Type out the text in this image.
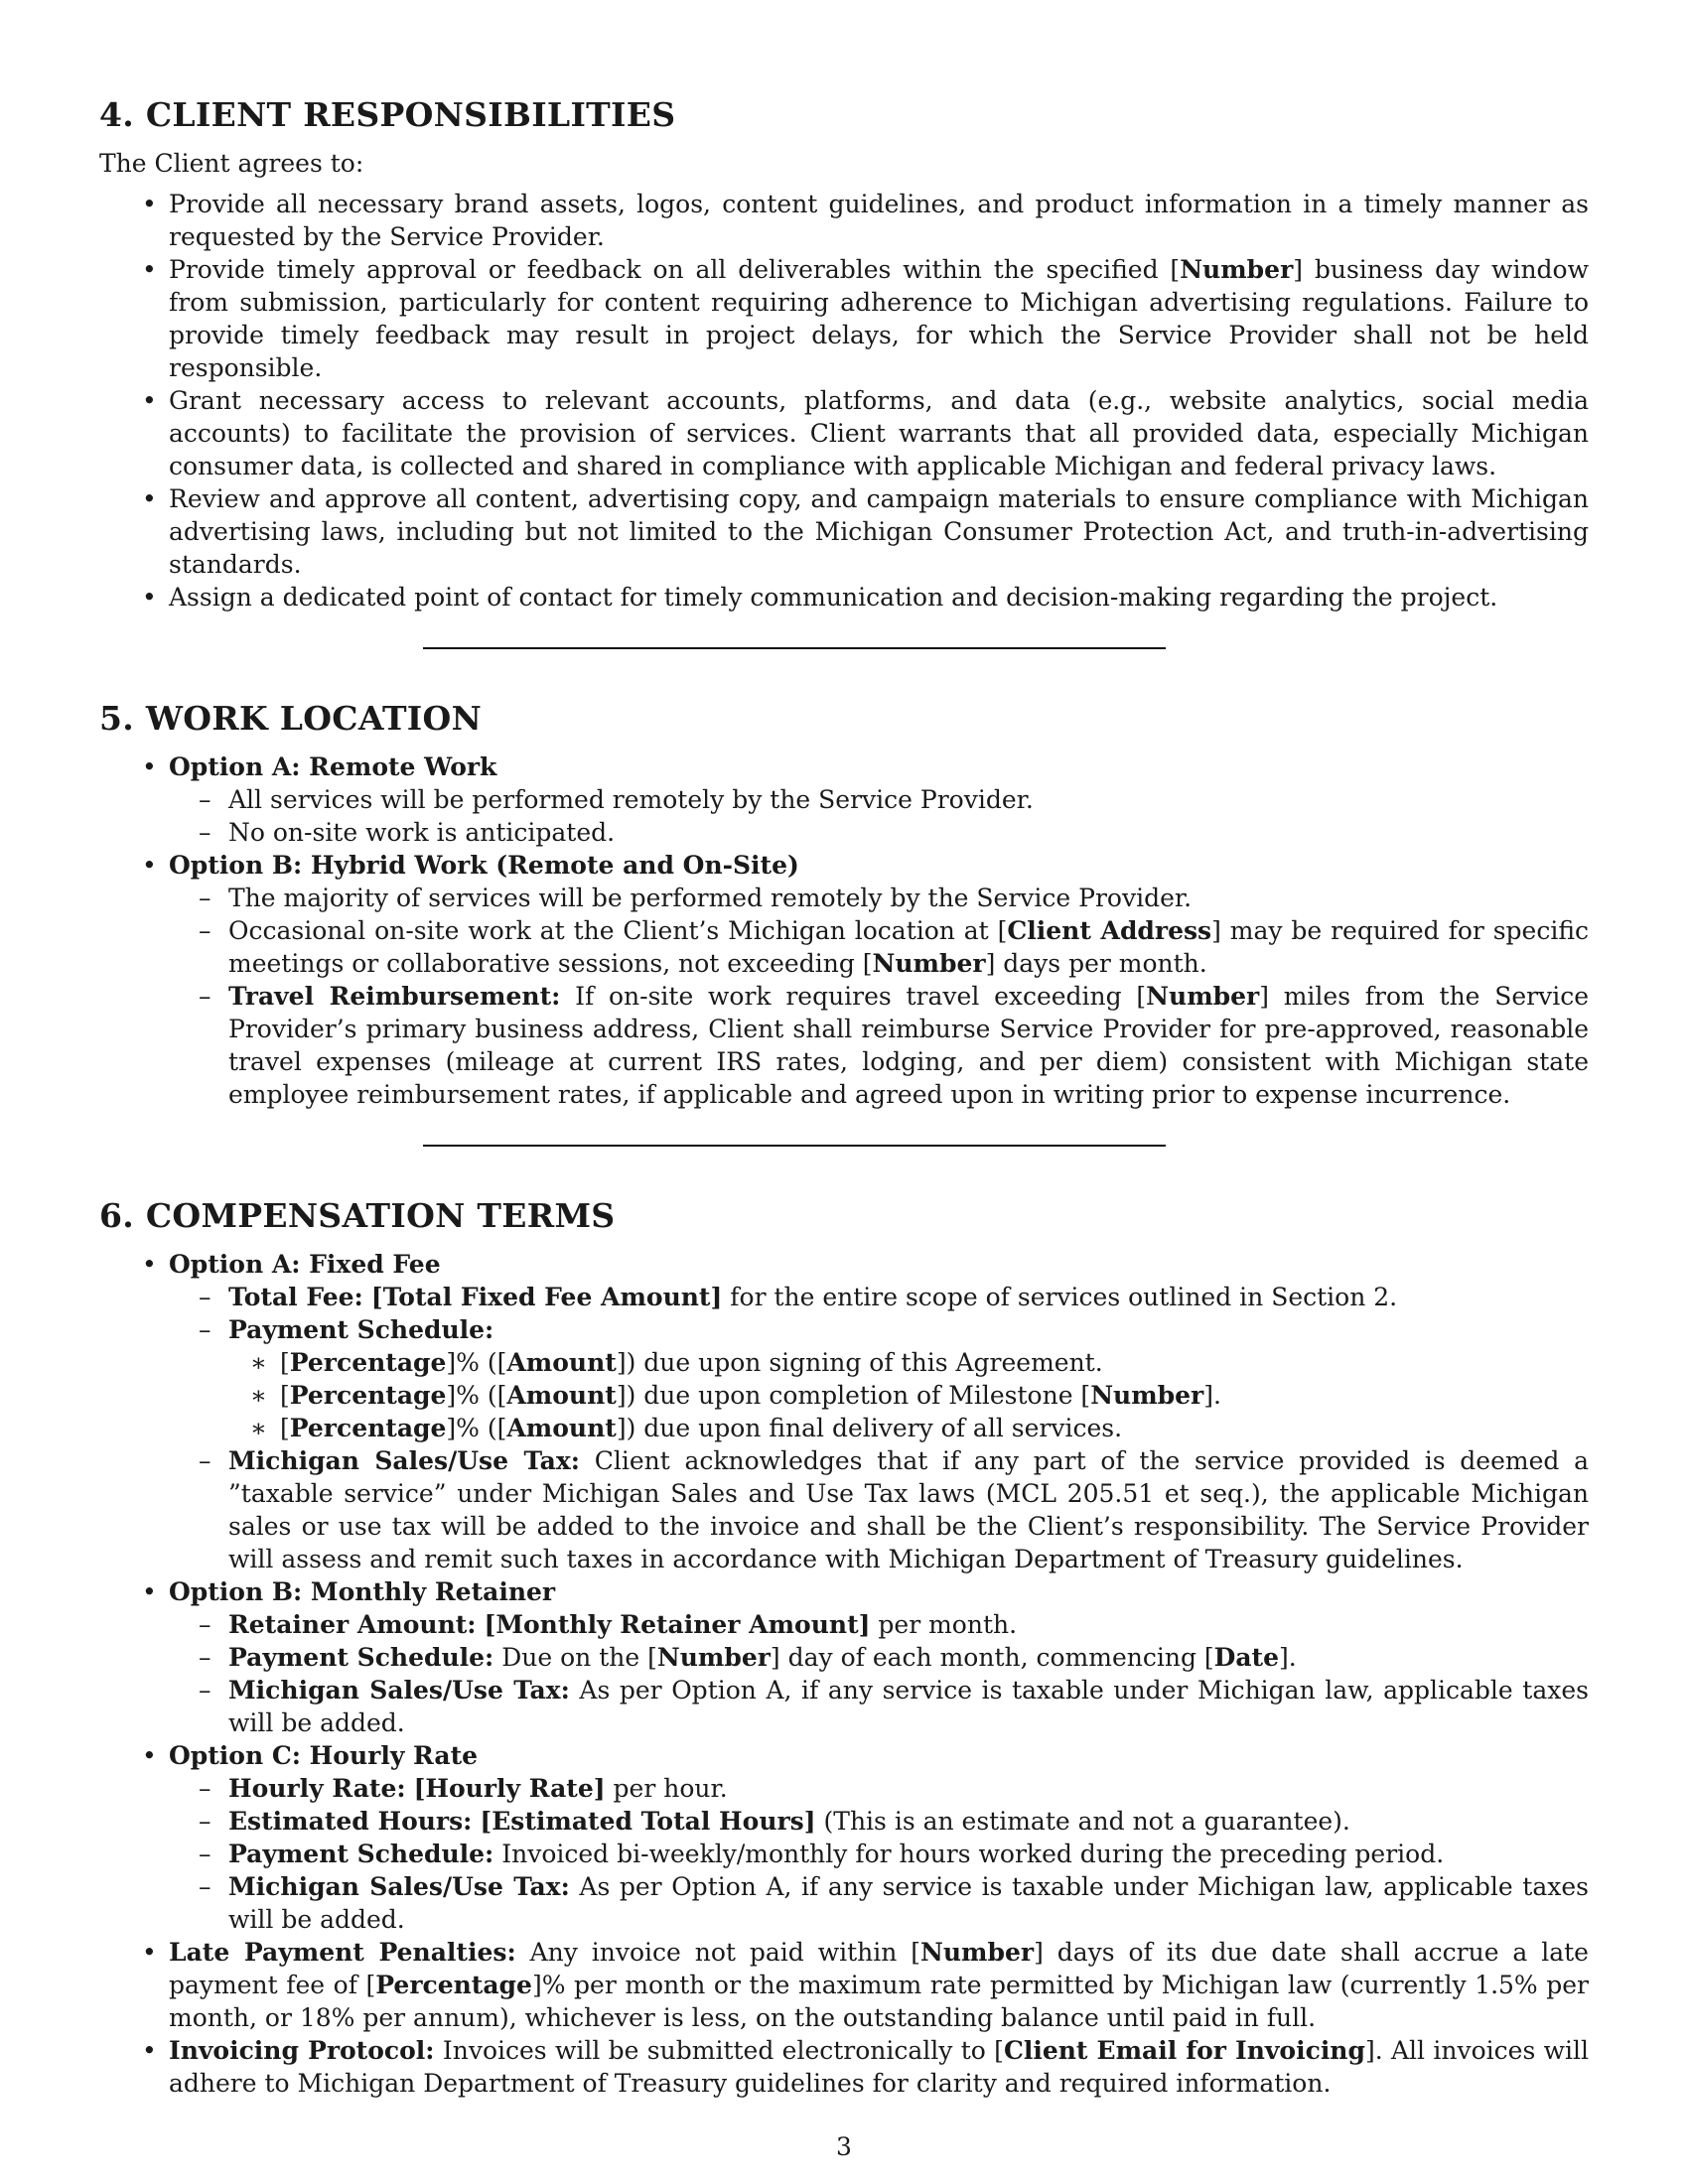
4. CLIENT RESPONSIBILITIES

The Client agrees to:

• Provide all necessary brand assets, logos, content guidelines, and product information in a timely manner as requested by the Service Provider.
• Provide timely approval or feedback on all deliverables within the specified [Number] business day window from submission, particularly for content requiring adherence to Michigan advertising regulations. Failure to provide timely feedback may result in project delays, for which the Service Provider shall not be held responsible.
• Grant necessary access to relevant accounts, platforms, and data (e.g., website analytics, social media accounts) to facilitate the provision of services. Client warrants that all provided data, especially Michigan consumer data, is collected and shared in compliance with applicable Michigan and federal privacy laws.
• Review and approve all content, advertising copy, and campaign materials to ensure compliance with Michigan advertising laws, including but not limited to the Michigan Consumer Protection Act, and truth-in-advertising standards.
• Assign a dedicated point of contact for timely communication and decision-making regarding the project.
5. WORK LOCATION
• Option A: Remote Work
– All services will be performed remotely by the Service Provider.
– No on-site work is anticipated.
• Option B: Hybrid Work (Remote and On-Site)
– The majority of services will be performed remotely by the Service Provider.
– Occasional on-site work at the Client’s Michigan location at [Client Address] may be required for specific meetings or collaborative sessions, not exceeding [Number] days per month.
– Travel Reimbursement: If on-site work requires travel exceeding [Number] miles from the Service Provider’s primary business address, Client shall reimburse Service Provider for pre-approved, reasonable travel expenses (mileage at current IRS rates, lodging, and per diem) consistent with Michigan state employee reimbursement rates, if applicable and agreed upon in writing prior to expense incurrence.
6. COMPENSATION TERMS
• Option A: Fixed Fee
– Total Fee: [Total Fixed Fee Amount] for the entire scope of services outlined in Section 2.
– Payment Schedule:
∗ [Percentage]% ([Amount]) due upon signing of this Agreement.
∗ [Percentage]% ([Amount]) due upon completion of Milestone [Number].
∗ [Percentage]% ([Amount]) due upon final delivery of all services.
– Michigan Sales/Use Tax: Client acknowledges that if any part of the service provided is deemed a ”taxable service” under Michigan Sales and Use Tax laws (MCL 205.51 et seq.), the applicable Michigan sales or use tax will be added to the invoice and shall be the Client’s responsibility. The Service Provider will assess and remit such taxes in accordance with Michigan Department of Treasury guidelines.
• Option B: Monthly Retainer
– Retainer Amount: [Monthly Retainer Amount] per month.
– Payment Schedule: Due on the [Number] day of each month, commencing [Date].
– Michigan Sales/Use Tax: As per Option A, if any service is taxable under Michigan law, applicable taxes will be added.
• Option C: Hourly Rate
– Hourly Rate: [Hourly Rate] per hour.
– Estimated Hours: [Estimated Total Hours] (This is an estimate and not a guarantee).
– Payment Schedule: Invoiced bi-weekly/monthly for hours worked during the preceding period.
– Michigan Sales/Use Tax: As per Option A, if any service is taxable under Michigan law, applicable taxes will be added.
• Late Payment Penalties: Any invoice not paid within [Number] days of its due date shall accrue a late payment fee of [Percentage]% per month or the maximum rate permitted by Michigan law (currently 1.5% per month, or 18% per annum), whichever is less, on the outstanding balance until paid in full.
• Invoicing Protocol: Invoices will be submitted electronically to [Client Email for Invoicing]. All invoices will adhere to Michigan Department of Treasury guidelines for clarity and required information.
3
